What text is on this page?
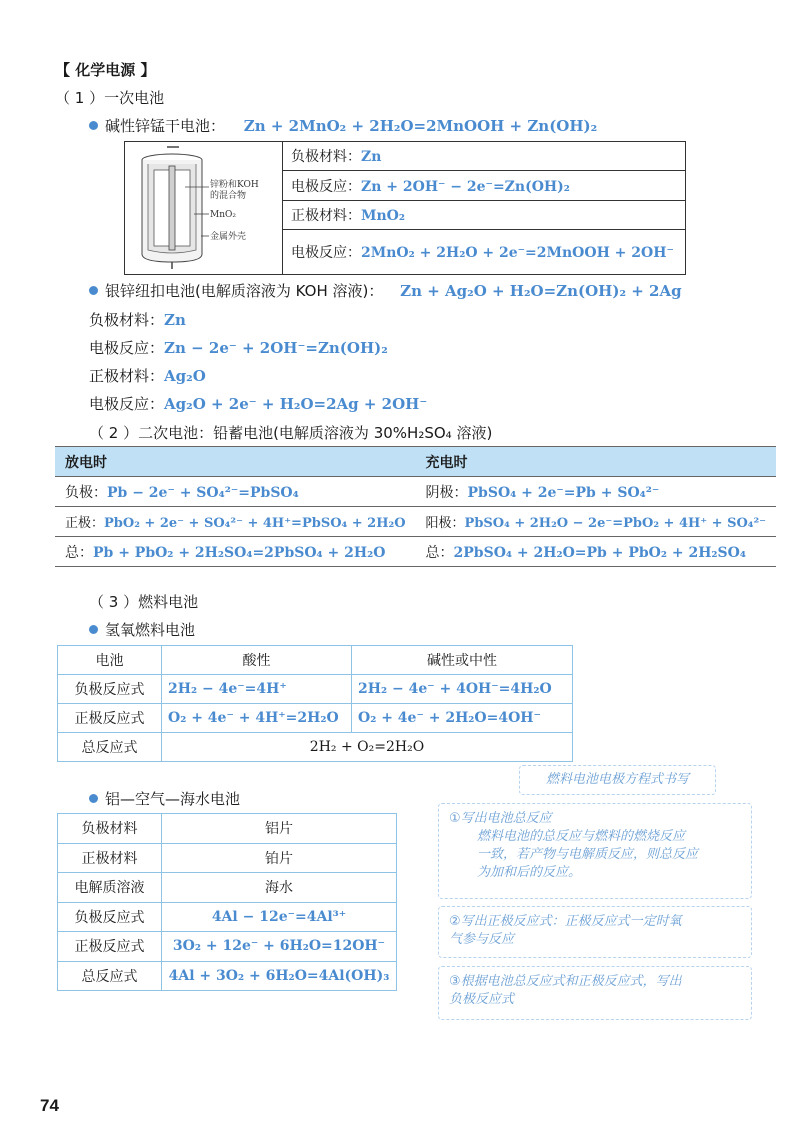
【 化学电源 】
（ 1 ）一次电池
碱性锌锰干电池： Zn + 2MnO₂ + 2H₂O=2MnOOH + Zn(OH)₂
锌粉和KOH
的混合物
MnO₂
金属外壳
	负极材料：Zn
电极反应：Zn + 2OH⁻ − 2e⁻=Zn(OH)₂
正极材料：MnO₂
电极反应：2MnO₂ + 2H₂O + 2e⁻=2MnOOH + 2OH⁻
银锌纽扣电池(电解质溶液为 KOH 溶液)： Zn + Ag₂O + H₂O=Zn(OH)₂ + 2Ag
负极材料：Zn
电极反应：Zn − 2e⁻ + 2OH⁻=Zn(OH)₂
正极材料：Ag₂O
电极反应：Ag₂O + 2e⁻ + H₂O=2Ag + 2OH⁻
（ 2 ）二次电池：铅蓄电池(电解质溶液为 30%H₂SO₄ 溶液)
放电时	充电时
负极：Pb − 2e⁻ + SO₄²⁻=PbSO₄	阴极：PbSO₄ + 2e⁻=Pb + SO₄²⁻
正极：PbO₂ + 2e⁻ + SO₄²⁻ + 4H⁺=PbSO₄ + 2H₂O	阳极：PbSO₄ + 2H₂O − 2e⁻=PbO₂ + 4H⁺ + SO₄²⁻
总：Pb + PbO₂ + 2H₂SO₄=2PbSO₄ + 2H₂O	总：2PbSO₄ + 2H₂O=Pb + PbO₂ + 2H₂SO₄
（ 3 ）燃料电池
氢氧燃料电池
电池	酸性	碱性或中性
负极反应式	2H₂ − 4e⁻=4H⁺	2H₂ − 4e⁻ + 4OH⁻=4H₂O
正极反应式	O₂ + 4e⁻ + 4H⁺=2H₂O	O₂ + 4e⁻ + 2H₂O=4OH⁻
总反应式	2H₂ + O₂=2H₂O	
铝—空气—海水电池
负极材料	铝片
正极材料	铂片
电解质溶液	海水
负极反应式	4Al − 12e⁻=4Al³⁺
正极反应式	3O₂ + 12e⁻ + 6H₂O=12OH⁻
总反应式	4Al + 3O₂ + 6H₂O=4Al(OH)₃
燃料电池电极方程式书写
①写出电池总反应
燃料电池的总反应与燃料的燃烧反应
一致，若产物与电解质反应，则总反应
为加和后的反应。
②写出正极反应式：正极反应式一定时氧
气参与反应
③根据电池总反应式和正极反应式，写出
负极反应式
74
